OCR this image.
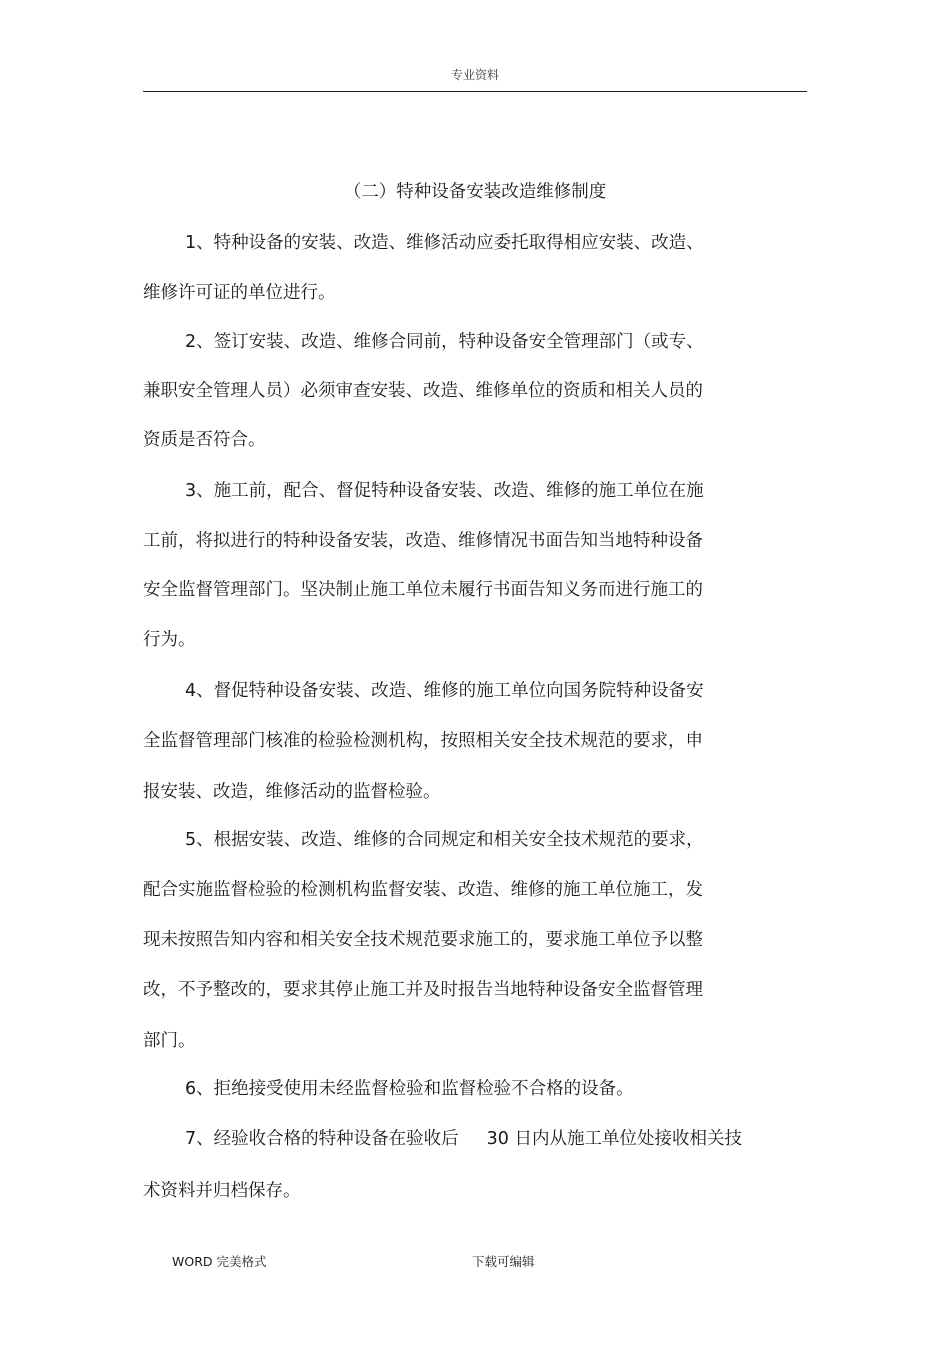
专业资料
（二）特种设备安装改造维修制度
1、特种设备的安装、改造、维修活动应委托取得相应安装、改造、
维修许可证的单位进行。
2、签订安装、改造、维修合同前，特种设备安全管理部门（或专、
兼职安全管理人员）必须审查安装、改造、维修单位的资质和相关人员的
资质是否符合。
3、施工前，配合、督促特种设备安装、改造、维修的施工单位在施
工前，将拟进行的特种设备安装，改造、维修情况书面告知当地特种设备
安全监督管理部门。坚决制止施工单位未履行书面告知义务而进行施工的
行为。
4、督促特种设备安装、改造、维修的施工单位向国务院特种设备安
全监督管理部门核准的检验检测机构，按照相关安全技术规范的要求，申
报安装、改造，维修活动的监督检验。
5、根据安装、改造、维修的合同规定和相关安全技术规范的要求，
配合实施监督检验的检测机构监督安装、改造、维修的施工单位施工，发
现未按照告知内容和相关安全技术规范要求施工的，要求施工单位予以整
改，不予整改的，要求其停止施工并及时报告当地特种设备安全监督管理
部门。
6、拒绝接受使用未经监督检验和监督检验不合格的设备。
7、经验收合格的特种设备在验收后 30 日内从施工单位处接收相关技
术资料并归档保存。
WORD 完美格式	下载可编辑
